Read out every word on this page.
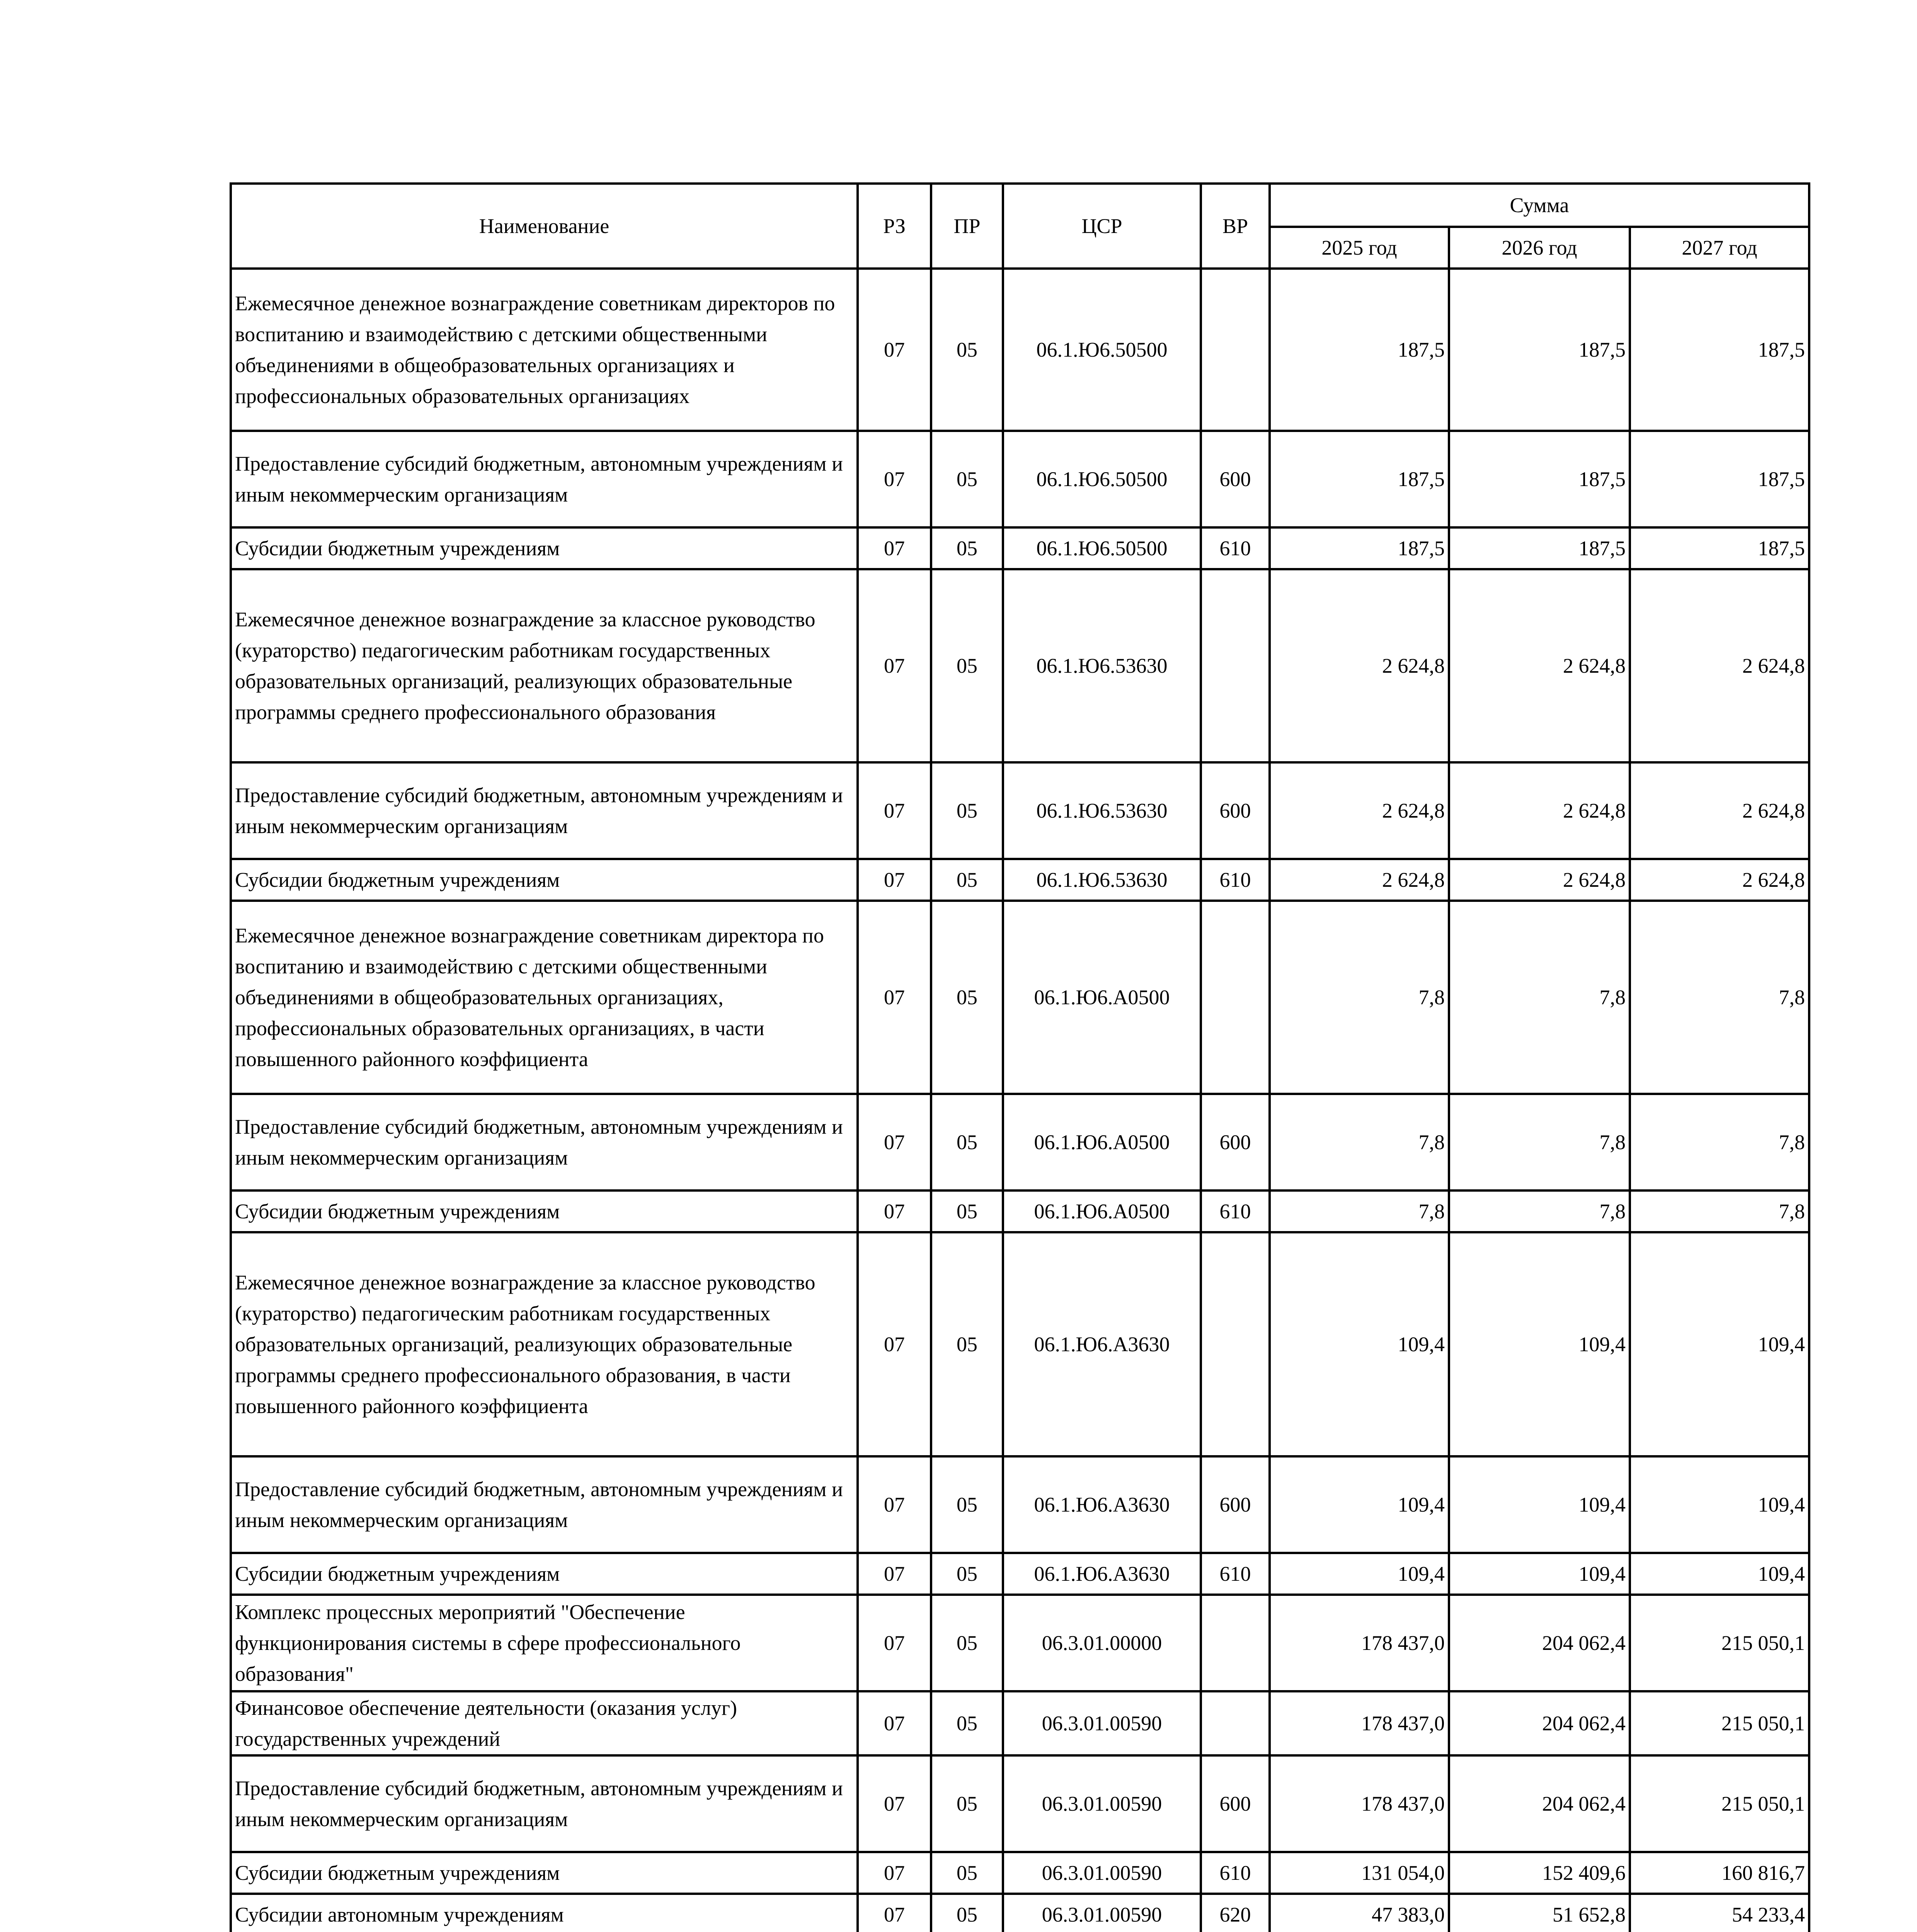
Наименование	РЗ	ПР	ЦСР	ВР	Сумма		
					2025 год	2026 год	2027 год
Ежемесячное денежное вознаграждение советникам директоров по воспитанию и взаимодействию с детскими общественными объединениями в общеобразовательных организациях и профессиональных образовательных организациях	07	05	06.1.Ю6.50500		187,5	187,5	187,5
Предоставление субсидий бюджетным, автономным учреждениям и иным некоммерческим организациям	07	05	06.1.Ю6.50500	600	187,5	187,5	187,5
Субсидии бюджетным учреждениям	07	05	06.1.Ю6.50500	610	187,5	187,5	187,5
Ежемесячное денежное вознаграждение за классное руководство (кураторство) педагогическим работникам государственных образовательных организаций, реализующих образовательные программы среднего профессионального образования	07	05	06.1.Ю6.53630		2 624,8	2 624,8	2 624,8
Предоставление субсидий бюджетным, автономным учреждениям и иным некоммерческим организациям	07	05	06.1.Ю6.53630	600	2 624,8	2 624,8	2 624,8
Субсидии бюджетным учреждениям	07	05	06.1.Ю6.53630	610	2 624,8	2 624,8	2 624,8
Ежемесячное денежное вознаграждение советникам директора по воспитанию и взаимодействию с детскими общественными объединениями в общеобразовательных организациях, профессиональных образовательных организациях, в части повышенного районного коэффициента	07	05	06.1.Ю6.А0500		7,8	7,8	7,8
Предоставление субсидий бюджетным, автономным учреждениям и иным некоммерческим организациям	07	05	06.1.Ю6.А0500	600	7,8	7,8	7,8
Субсидии бюджетным учреждениям	07	05	06.1.Ю6.А0500	610	7,8	7,8	7,8
Ежемесячное денежное вознаграждение за классное руководство (кураторство) педагогическим работникам государственных образовательных организаций, реализующих образовательные программы среднего профессионального образования, в части повышенного районного коэффициента	07	05	06.1.Ю6.А3630		109,4	109,4	109,4
Предоставление субсидий бюджетным, автономным учреждениям и иным некоммерческим организациям	07	05	06.1.Ю6.А3630	600	109,4	109,4	109,4
Субсидии бюджетным учреждениям	07	05	06.1.Ю6.А3630	610	109,4	109,4	109,4
Комплекс процессных мероприятий "Обеспечение функционирования системы в сфере профессионального образования"	07	05	06.3.01.00000		178 437,0	204 062,4	215 050,1
Финансовое обеспечение деятельности (оказания услуг) государственных учреждений	07	05	06.3.01.00590		178 437,0	204 062,4	215 050,1
Предоставление субсидий бюджетным, автономным учреждениям и иным некоммерческим организациям	07	05	06.3.01.00590	600	178 437,0	204 062,4	215 050,1
Субсидии бюджетным учреждениям	07	05	06.3.01.00590	610	131 054,0	152 409,6	160 816,7
Субсидии автономным учреждениям	07	05	06.3.01.00590	620	47 383,0	51 652,8	54 233,4
